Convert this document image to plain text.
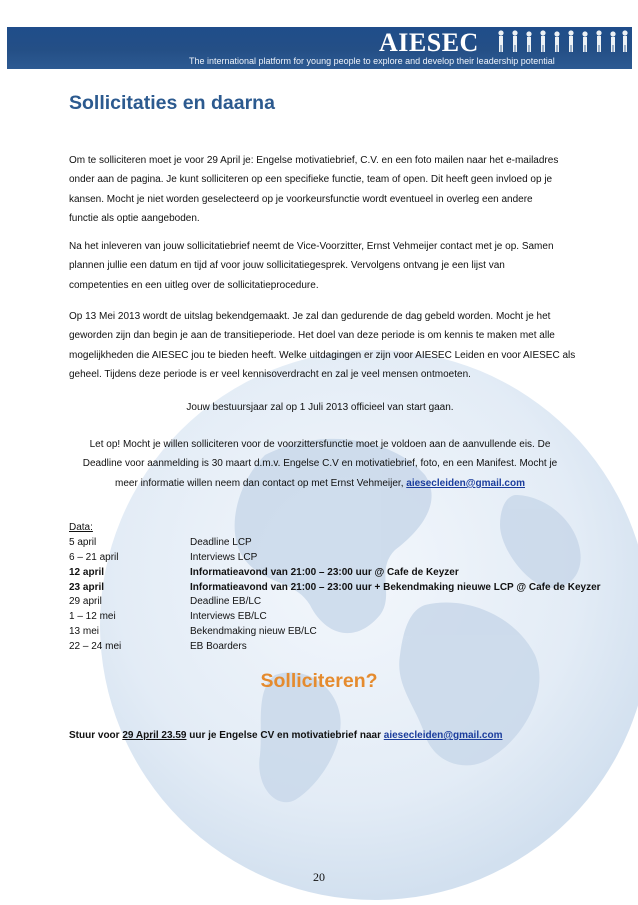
AIESEC
The international platform for young people to explore and develop their leadership potential
Sollicitaties en daarna
Om te solliciteren moet je voor 29 April je: Engelse motivatiebrief, C.V. en een foto mailen naar het e-mailadres
onder aan de pagina. Je kunt solliciteren op een specifieke functie, team of open. Dit heeft geen invloed op je
kansen. Mocht je niet worden geselecteerd op je voorkeursfunctie wordt eventueel in overleg een andere
functie als optie aangeboden.
Na het inleveren van jouw sollicitatiebrief neemt de Vice-Voorzitter, Ernst Vehmeijer contact met je op. Samen
plannen jullie een datum en tijd af voor jouw sollicitatiegesprek. Vervolgens ontvang je een lijst van
competenties en een uitleg over de sollicitatieprocedure.
Op 13 Mei 2013 wordt de uitslag bekendgemaakt. Je zal dan gedurende de dag gebeld worden. Mocht je het
geworden zijn dan begin je aan de transitieperiode. Het doel van deze periode is om kennis te maken met alle
mogelijkheden die AIESEC jou te bieden heeft. Welke uitdagingen er zijn voor AIESEC Leiden en voor AIESEC als
geheel. Tijdens deze periode is er veel kennisoverdracht en zal je veel mensen ontmoeten.
Jouw bestuursjaar zal op 1 Juli 2013 officieel van start gaan.
Let op! Mocht je willen solliciteren voor de voorzittersfunctie moet je voldoen aan de aanvullende eis. De
Deadline voor aanmelding is 30 maart d.m.v. Engelse C.V en motivatiebrief, foto, en een Manifest. Mocht je
meer informatie willen neem dan contact op met Ernst Vehmeijer, aiesecleiden@gmail.com
Data:
5 april	Deadline LCP
6 – 21 april	Interviews LCP
12 april	Informatieavond van 21:00 – 23:00 uur @ Cafe de Keyzer
23 april	Informatieavond van 21:00 – 23:00 uur + Bekendmaking nieuwe LCP @ Cafe de Keyzer
29 april	Deadline EB/LC
1 – 12 mei	Interviews EB/LC
13 mei	Bekendmaking nieuw EB/LC
22 – 24 mei	EB Boarders
Solliciteren?
Stuur voor 29 April 23.59 uur je Engelse CV en motivatiebrief naar aiesecleiden@gmail.com
20
